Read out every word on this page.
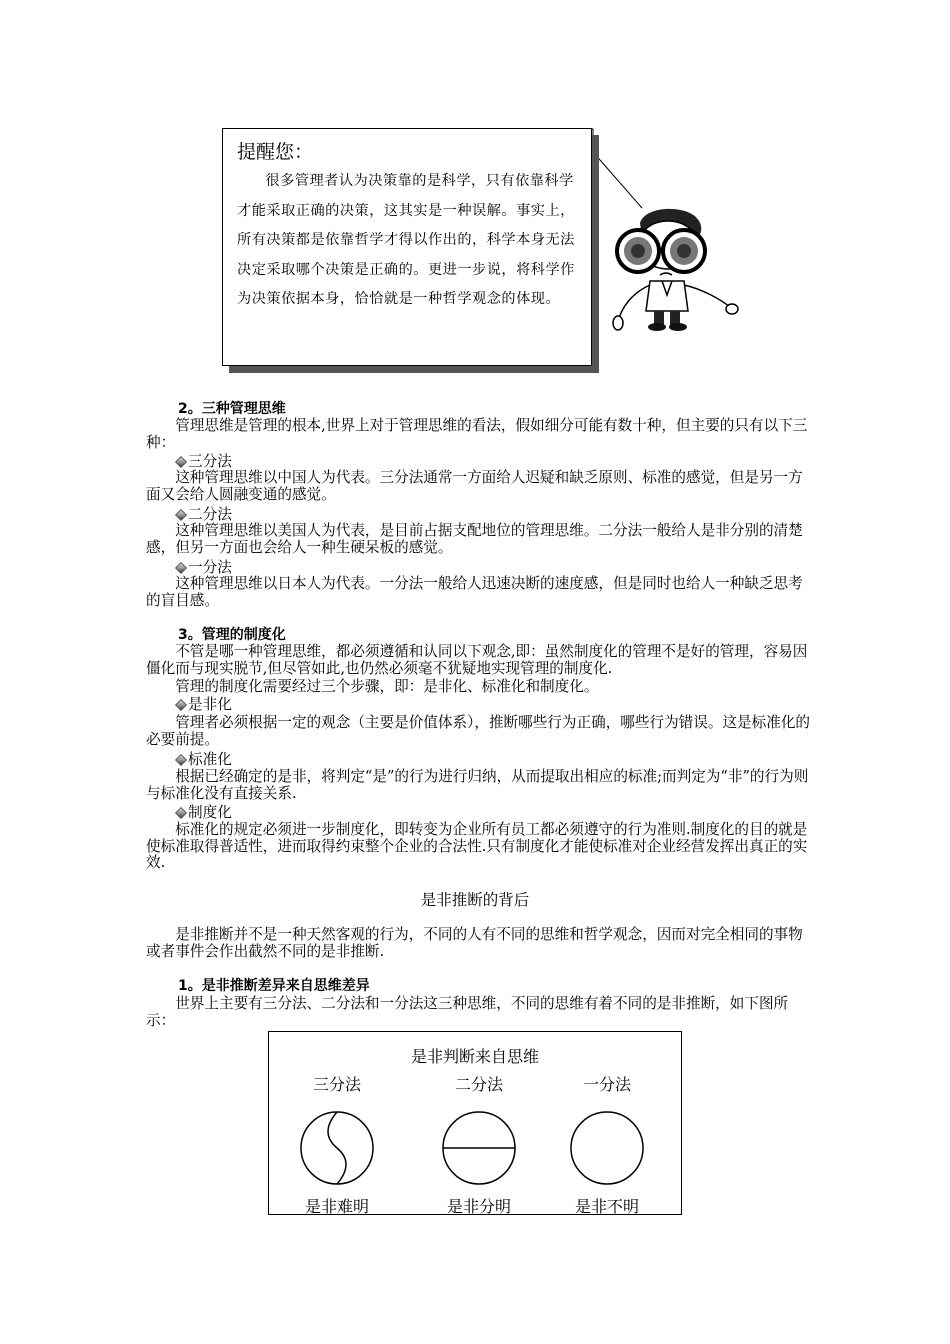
提醒您：
很多管理者认为决策靠的是科学，只有依靠科学才能采取正确的决策，这其实是一种误解。事实上，所有决策都是依靠哲学才得以作出的，科学本身无法决定采取哪个决策是正确的。更进一步说，将科学作为决策依据本身，恰恰就是一种哲学观念的体现。
2。三种管理思维
管理思维是管理的根本,世界上对于管理思维的看法，假如细分可能有数十种，但主要的只有以下三种：
三分法
这种管理思维以中国人为代表。三分法通常一方面给人迟疑和缺乏原则、标准的感觉，但是另一方面又会给人圆融变通的感觉。
二分法
这种管理思维以美国人为代表，是目前占据支配地位的管理思维。二分法一般给人是非分别的清楚感，但另一方面也会给人一种生硬呆板的感觉。
一分法
这种管理思维以日本人为代表。一分法一般给人迅速决断的速度感，但是同时也给人一种缺乏思考的盲目感。
3。管理的制度化
不管是哪一种管理思维，都必须遵循和认同以下观念,即：虽然制度化的管理不是好的管理，容易因僵化而与现实脱节,但尽管如此,也仍然必须毫不犹疑地实现管理的制度化.
管理的制度化需要经过三个步骤，即：是非化、标准化和制度化。
是非化
管理者必须根据一定的观念（主要是价值体系），推断哪些行为正确，哪些行为错误。这是标准化的必要前提。
标准化
根据已经确定的是非，将判定“是”的行为进行归纳，从而提取出相应的标准;而判定为“非”的行为则与标准化没有直接关系.
制度化
标准化的规定必须进一步制度化，即转变为企业所有员工都必须遵守的行为准则.制度化的目的就是使标准取得普适性，进而取得约束整个企业的合法性.只有制度化才能使标准对企业经营发挥出真正的实效.
是非推断的背后
是非推断并不是一种天然客观的行为，不同的人有不同的思维和哲学观念，因而对完全相同的事物或者事件会作出截然不同的是非推断.
1。是非推断差异来自思维差异
世界上主要有三分法、二分法和一分法这三种思维，不同的思维有着不同的是非推断，如下图所示：
是非判断来自思维
三分法
是非难明
二分法
是非分明
一分法
是非不明
